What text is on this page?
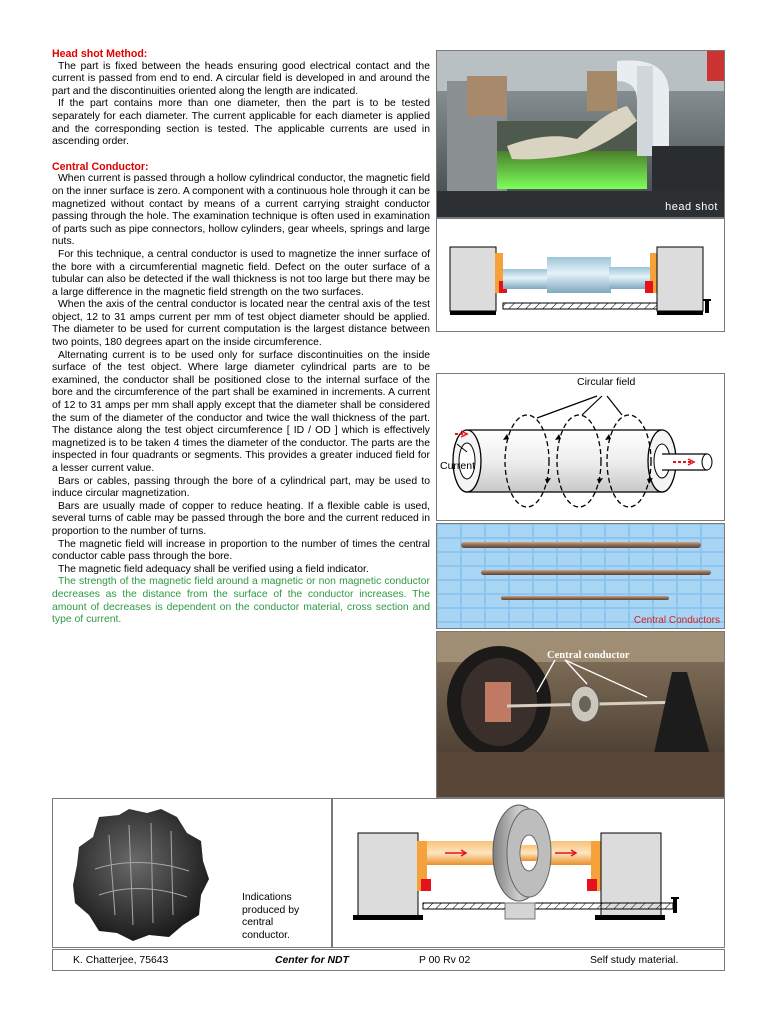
Head shot Method:

The part is fixed between the heads ensuring good electrical contact and the current is passed from end to end. A circular field is developed in and around the part and the discontinuities oriented along the length are indicated.

If the part contains more than one diameter, then the part is to be tested separately for each diameter. The current applicable for each diameter is applied and the corresponding section is tested. The applicable currents are used in ascending order.

Central Conductor:

When current is passed through a hollow cylindrical conductor, the magnetic field on the inner surface is zero. A component with a continuous hole through it can be magnetized without contact by means of a current carrying straight conductor passing through the hole. The examination technique is often used in examination of parts such as pipe connectors, hollow cylinders, gear wheels, springs and large nuts.

For this technique, a central conductor is used to magnetize the inner surface of the bore with a circumferential magnetic field. Defect on the outer surface of a tubular can also be detected if the wall thickness is not too large but there may be a large difference in the magnetic field strength on the two surfaces.

When the axis of the central conductor is located near the central axis of the test object, 12 to 31 amps current per mm of test object diameter should be applied. The diameter to be used for current computation is the largest distance between two points, 180 degrees apart on the inside circumference.

Alternating current is to be used only for surface discontinuities on the inside surface of the test object. Where large diameter cylindrical parts are to be examined, the conductor shall be positioned close to the internal surface of the bore and the circumference of the part shall be examined in increments. A current of 12 to 31 amps per mm shall apply except that the diameter shall be considered the sum of the diameter of the conductor and twice the wall thickness of the part. The distance along the test object circumference [ ID / OD ] which is effectively magnetized is to be taken 4 times the diameter of the conductor. The parts are the inspected in four quadrants or segments. This provides a greater induced field for a lesser current value.

Bars or cables, passing through the bore of a cylindrical part, may be used to induce circular magnetization.

Bars are usually made of copper to reduce heating. If a flexible cable is used, several turns of cable may be passed through the bore and the current reduced in proportion to the number of turns.

The magnetic field will increase in proportion to the number of times the central conductor cable pass through the bore.

The magnetic field adequacy shall be verified using a field indicator.

The strength of the magnetic field around a magnetic or non magnetic conductor decreases as the distance from the surface of the conductor increases. The amount of decreases is dependent on the conductor material, cross section and type of current.

head shot
Circular field
Current
Central Conductors
Central conductor
Indications produced by central conductor.
K. Chatterjee, 75643	Center for NDT	P 00 Rv 02	Self study material.
